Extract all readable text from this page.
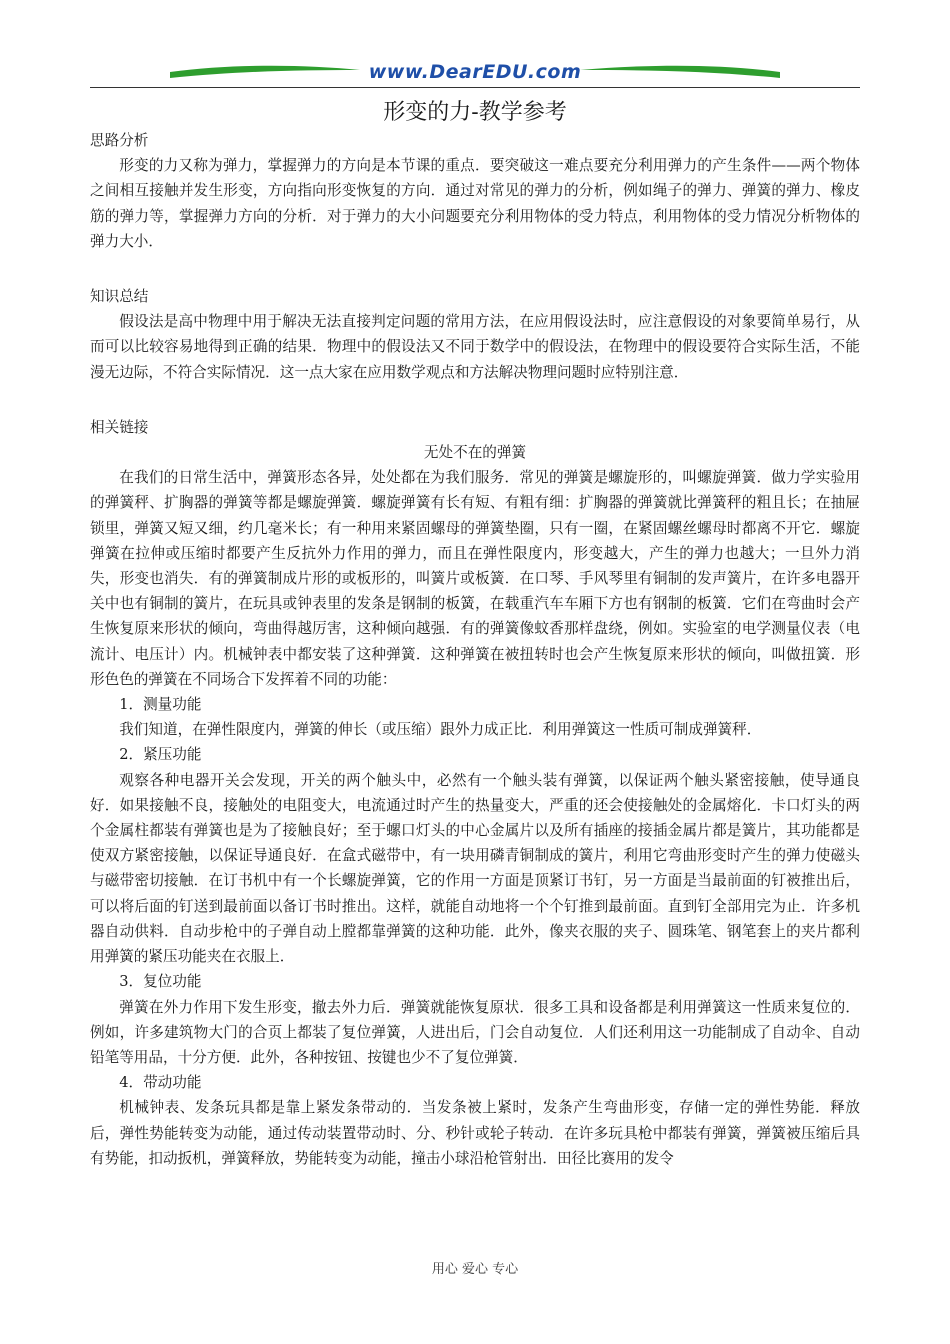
www.DearEDU.com
形变的力-教学参考

思路分析

形变的力又称为弹力，掌握弹力的方向是本节课的重点．要突破这一难点要充分利用弹力的产生条件——两个物体之间相互接触并发生形变，方向指向形变恢复的方向．通过对常见的弹力的分析，例如绳子的弹力、弹簧的弹力、橡皮筋的弹力等，掌握弹力方向的分析．对于弹力的大小问题要充分利用物体的受力特点，利用物体的受力情况分析物体的弹力大小．

知识总结

假设法是高中物理中用于解决无法直接判定问题的常用方法，在应用假设法时，应注意假设的对象要简单易行，从而可以比较容易地得到正确的结果．物理中的假设法又不同于数学中的假设法，在物理中的假设要符合实际生活，不能漫无边际，不符合实际情况．这一点大家在应用数学观点和方法解决物理问题时应特别注意．

相关链接

无处不在的弹簧

在我们的日常生活中，弹簧形态各异，处处都在为我们服务．常见的弹簧是螺旋形的，叫螺旋弹簧．做力学实验用的弹簧秤、扩胸器的弹簧等都是螺旋弹簧．螺旋弹簧有长有短、有粗有细：扩胸器的弹簧就比弹簧秤的粗且长；在抽屉锁里，弹簧又短又细，约几毫米长；有一种用来紧固螺母的弹簧垫圈，只有一圈，在紧固螺丝螺母时都离不开它．螺旋弹簧在拉伸或压缩时都要产生反抗外力作用的弹力，而且在弹性限度内，形变越大，产生的弹力也越大；一旦外力消失，形变也消失．有的弹簧制成片形的或板形的，叫簧片或板簧．在口琴、手风琴里有铜制的发声簧片，在许多电器开关中也有铜制的簧片，在玩具或钟表里的发条是钢制的板簧，在载重汽车车厢下方也有钢制的板簧．它们在弯曲时会产生恢复原来形状的倾向，弯曲得越厉害，这种倾向越强．有的弹簧像蚊香那样盘绕，例如。实验室的电学测量仪表（电流计、电压计）内。机械钟表中都安装了这种弹簧．这种弹簧在被扭转时也会产生恢复原来形状的倾向，叫做扭簧．形形色色的弹簧在不同场合下发挥着不同的功能：

1．测量功能

我们知道，在弹性限度内，弹簧的伸长（或压缩）跟外力成正比．利用弹簧这一性质可制成弹簧秤．

2．紧压功能

观察各种电器开关会发现，开关的两个触头中，必然有一个触头装有弹簧，以保证两个触头紧密接触，使导通良好．如果接触不良，接触处的电阻变大，电流通过时产生的热量变大，严重的还会使接触处的金属熔化．卡口灯头的两个金属柱都装有弹簧也是为了接触良好；至于螺口灯头的中心金属片以及所有插座的接插金属片都是簧片，其功能都是使双方紧密接触，以保证导通良好．在盒式磁带中，有一块用磷青铜制成的簧片，利用它弯曲形变时产生的弹力使磁头与磁带密切接触．在订书机中有一个长螺旋弹簧，它的作用一方面是顶紧订书钉，另一方面是当最前面的钉被推出后，可以将后面的钉送到最前面以备订书时推出。这样，就能自动地将一个个钉推到最前面。直到钉全部用完为止．许多机器自动供料．自动步枪中的子弹自动上膛都靠弹簧的这种功能．此外，像夹衣服的夹子、圆珠笔、钢笔套上的夹片都利用弹簧的紧压功能夹在衣服上．

3．复位功能

弹簧在外力作用下发生形变，撤去外力后．弹簧就能恢复原状．很多工具和设备都是利用弹簧这一性质来复位的．例如，许多建筑物大门的合页上都装了复位弹簧，人进出后，门会自动复位．人们还利用这一功能制成了自动伞、自动铅笔等用品，十分方便．此外，各种按钮、按键也少不了复位弹簧．

4．带动功能

机械钟表、发条玩具都是靠上紧发条带动的．当发条被上紧时，发条产生弯曲形变，存储一定的弹性势能．释放后，弹性势能转变为动能，通过传动装置带动时、分、秒针或轮子转动．在许多玩具枪中都装有弹簧，弹簧被压缩后具有势能，扣动扳机，弹簧释放，势能转变为动能，撞击小球沿枪管射出．田径比赛用的发令

用心 爱心 专心
